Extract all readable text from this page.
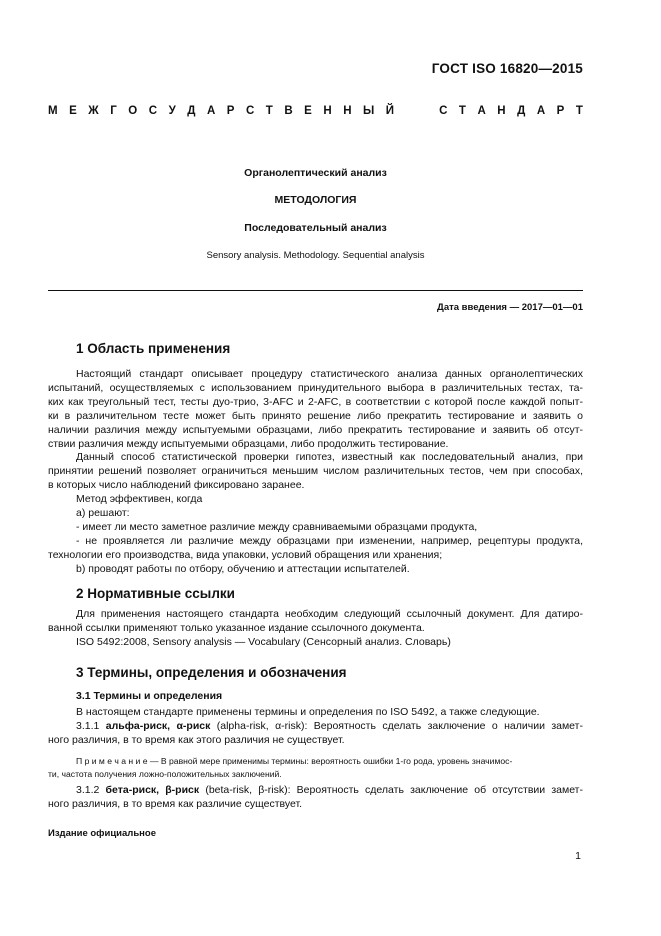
ГОСТ ISO 16820—2015
М Е Ж Г О С У Д А Р С Т В Е Н Н Ы Й	С Т А Н Д А Р Т
Органолептический анализ
МЕТОДОЛОГИЯ
Последовательный анализ
Sensory analysis. Methodology. Sequential analysis
Дата введения — 2017—01—01
1 Область применения
Настоящий стандарт описывает процедуру статистического анализа данных органолептических
испытаний, осуществляемых с использованием принудительного выбора в различительных тестах, та-
ких как треугольный тест, тесты дуо-трио, 3-AFC и 2-AFC, в соответствии с которой после каждой попыт-
ки в различительном тесте может быть принято решение либо прекратить тестирование и заявить о
наличии различия между испытуемыми образцами, либо прекратить тестирование и заявить об отсут-
ствии различия между испытуемыми образцами, либо продолжить тестирование.
Данный способ статистической проверки гипотез, известный как последовательный анализ, при
принятии решений позволяет ограничиться меньшим числом различительных тестов, чем при способах,
в которых число наблюдений фиксировано заранее.
Метод эффективен, когда
a) решают:
- имеет ли место заметное различие между сравниваемыми образцами продукта,
- не проявляется ли различие между образцами при изменении, например, рецептуры продукта,
технологии его производства, вида упаковки, условий обращения или хранения;
b) проводят работы по отбору, обучению и аттестации испытателей.
2 Нормативные ссылки
Для применения настоящего стандарта необходим следующий ссылочный документ. Для датиро-
ванной ссылки применяют только указанное издание ссылочного документа.
ISO 5492:2008, Sensory analysis — Vocabulary (Сенсорный анализ. Словарь)
3 Термины, определения и обозначения
3.1 Термины и определения
В настоящем стандарте применены термины и определения по ISO 5492, а также следующие.
3.1.1 альфа-риск, α-риск (alpha-risk, α-risk): Вероятность сделать заключение о наличии замет-
ного различия, в то время как этого различия не существует.
П р и м е ч а н и е — В равной мере применимы термины: вероятность ошибки 1-го рода, уровень значимос-
ти, частота получения ложно-положительных заключений.
3.1.2 бета-риск, β-риск (beta-risk, β-risk): Вероятность сделать заключение об отсутствии замет-
ного различия, в то время как различие существует.
Издание официальное
1
